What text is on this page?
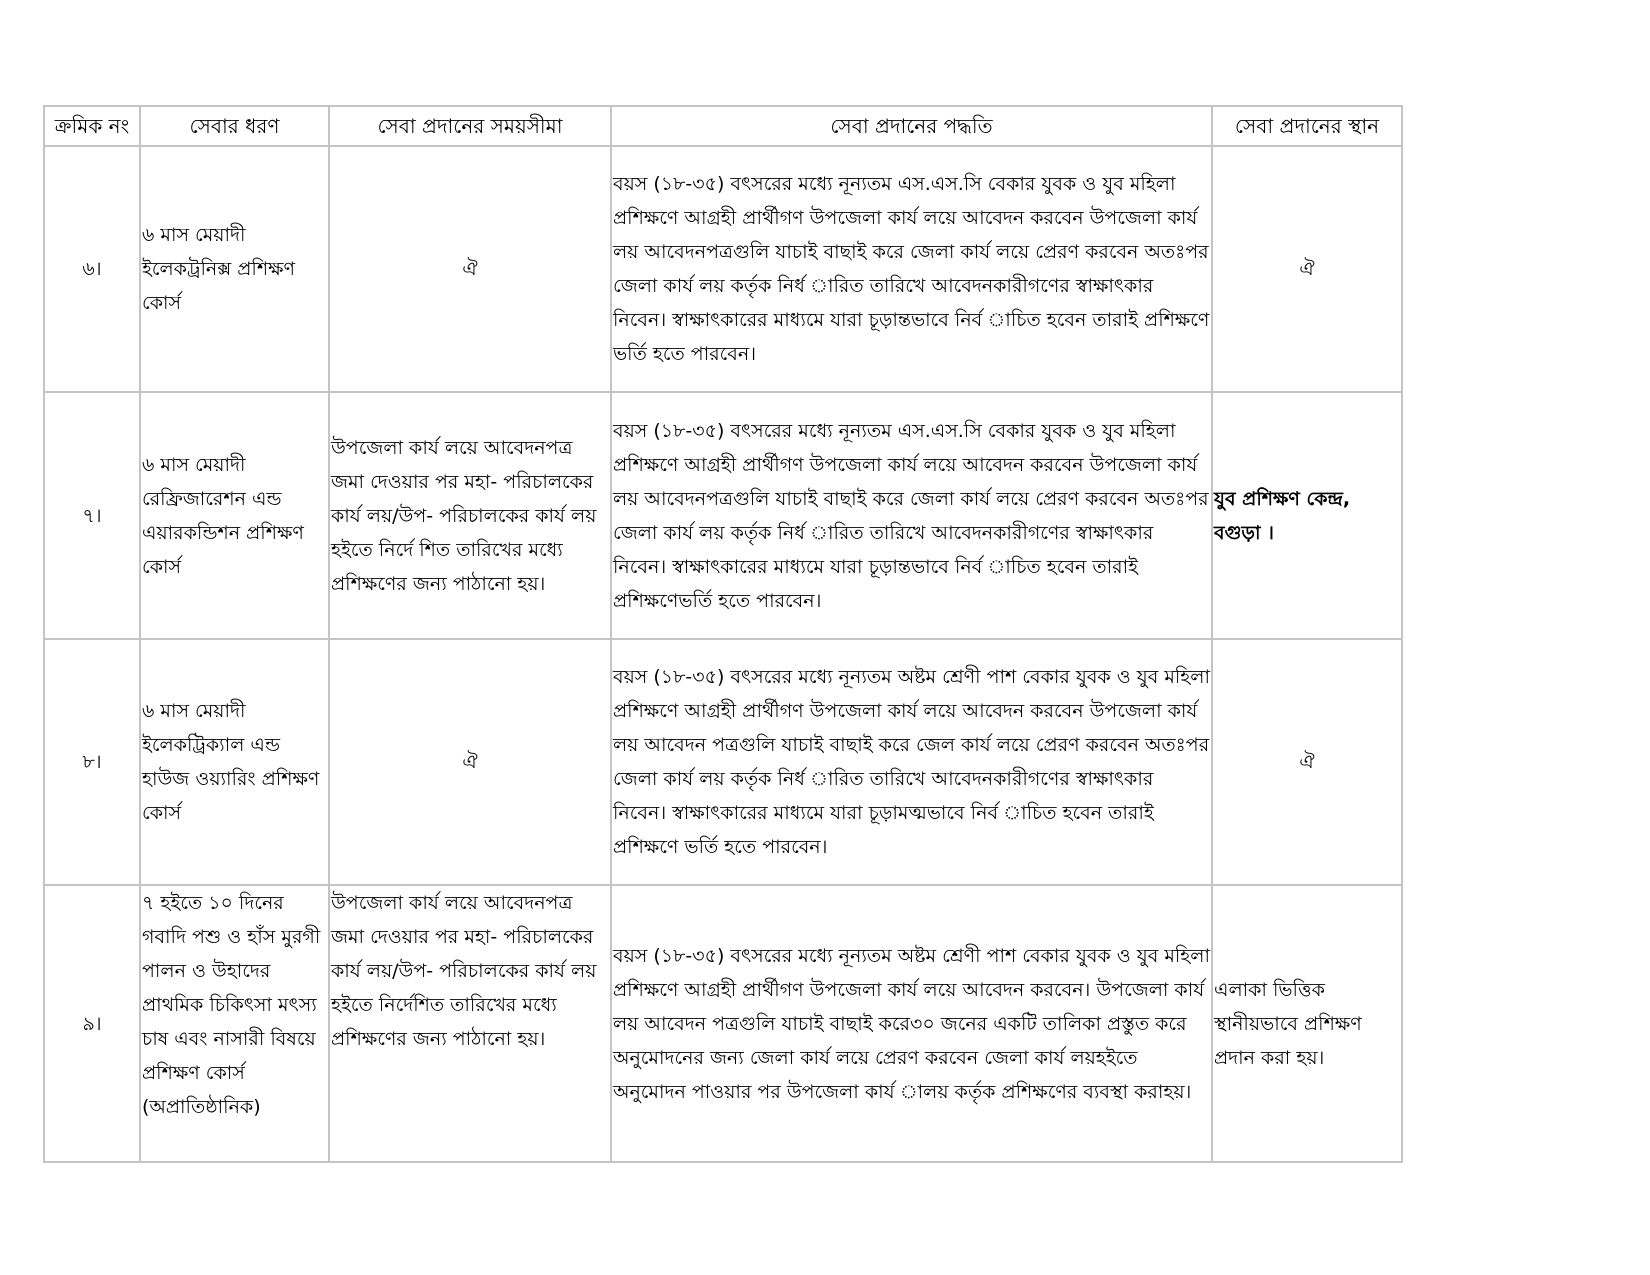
ক্রমিক নং	সেবার ধরণ	সেবা প্রদানের সময়সীমা	সেবা প্রদানের পদ্ধতি	সেবা প্রদানের স্থান
৬।	৬ মাস মেয়াদী ইলেকট্রনিক্স প্রশিক্ষণ কোর্স	ঐ	বয়স (১৮-৩৫) বৎসরের মধ্যে নূন্যতম এস.এস.সি বেকার যুবক ও যুব মহিলা প্রশিক্ষণে আগ্রহী প্রার্থীগণ উপজেলা কার্য লয়ে আবেদন করবেন উপজেলা কার্য লয় আবেদনপত্রগুলি যাচাই বাছাই করে জেলা কার্য লয়ে প্রেরণ করবেন অতঃপর জেলা কার্য লয় কর্তৃক নির্ধ ারিত তারিখে আবেদনকারীগণের স্বাক্ষাৎকার নিবেন। স্বাক্ষাৎকারের মাধ্যমে যারা চূড়ান্তভাবে নির্ব াচিত হবেন তারাই প্রশিক্ষণে ভর্তি হতে পারবেন।	ঐ
৭।	৬ মাস মেয়াদী রেফ্রিজারেশন এন্ড এয়ারকন্ডিশন প্রশিক্ষণ কোর্স	উপজেলা কার্য লয়ে আবেদনপত্র জমা দেওয়ার পর মহা- পরিচালকের কার্য লয়/উপ- পরিচালকের কার্য লয় হইতে নির্দে শিত তারিখের মধ্যে প্রশিক্ষণের জন্য পাঠানো হয়।	বয়স (১৮-৩৫) বৎসরের মধ্যে নূন্যতম এস.এস.সি বেকার যুবক ও যুব মহিলা প্রশিক্ষণে আগ্রহী প্রার্থীগণ উপজেলা কার্য লয়ে আবেদন করবেন উপজেলা কার্য লয় আবেদনপত্রগুলি যাচাই বাছাই করে জেলা কার্য লয়ে প্রেরণ করবেন অতঃপর জেলা কার্য লয় কর্তৃক নির্ধ ারিত তারিখে আবেদনকারীগণের স্বাক্ষাৎকার নিবেন। স্বাক্ষাৎকারের মাধ্যমে যারা চূড়ান্তভাবে নির্ব াচিত হবেন তারাই প্রশিক্ষণেভর্তি হতে পারবেন।	যুব প্রশিক্ষণ কেন্দ্র, বগুড়া ।
৮।	৬ মাস মেয়াদী ইলেকট্রিক্যাল এন্ড হাউজ ওয়্যারিং প্রশিক্ষণ কোর্স	ঐ	বয়স (১৮-৩৫) বৎসরের মধ্যে নূন্যতম অষ্টম শ্রেণী পাশ বেকার যুবক ও যুব মহিলা প্রশিক্ষণে আগ্রহী প্রার্থীগণ উপজেলা কার্য লয়ে আবেদন করবেন উপজেলা কার্য লয় আবেদন পত্রগুলি যাচাই বাছাই করে জেল কার্য লয়ে প্রেরণ করবেন অতঃপর জেলা কার্য লয় কর্তৃক নির্ধ ারিত তারিখে আবেদনকারীগণের স্বাক্ষাৎকার নিবেন। স্বাক্ষাৎকারের মাধ্যমে যারা চূড়ামত্মভাবে নির্ব াচিত হবেন তারাই প্রশিক্ষণে ভর্তি হতে পারবেন।	ঐ
৯।	৭ হইতে ১০ দিনের গবাদি পশু ও হাঁস মুরগী পালন ও উহাদের প্রাথমিক চিকিৎসা মৎস্য চাষ এবং নাসারী বিষয়ে প্রশিক্ষণ কোর্স (অপ্রাতিষ্ঠানিক)	উপজেলা কার্য লয়ে আবেদনপত্র জমা দেওয়ার পর মহা- পরিচালকের কার্য লয়/উপ- পরিচালকের কার্য লয় হইতে নির্দেশিত তারিখের মধ্যে প্রশিক্ষণের জন্য পাঠানো হয়।	বয়স (১৮-৩৫) বৎসরের মধ্যে নূন্যতম অষ্টম শ্রেণী পাশ বেকার যুবক ও যুব মহিলা প্রশিক্ষণে আগ্রহী প্রার্থীগণ উপজেলা কার্য লয়ে আবেদন করবেন। উপজেলা কার্য লয় আবেদন পত্রগুলি যাচাই বাছাই করে৩০ জনের একটি তালিকা প্রস্তুত করে অনুমোদনের জন্য জেলা কার্য লয়ে প্রেরণ করবেন জেলা কার্য লয়হইতে অনুমোদন পাওয়ার পর উপজেলা কার্য ালয় কর্তৃক প্রশিক্ষণের ব্যবস্থা করাহয়।	এলাকা ভিত্তিক স্থানীয়ভাবে প্রশিক্ষণ প্রদান করা হয়।
